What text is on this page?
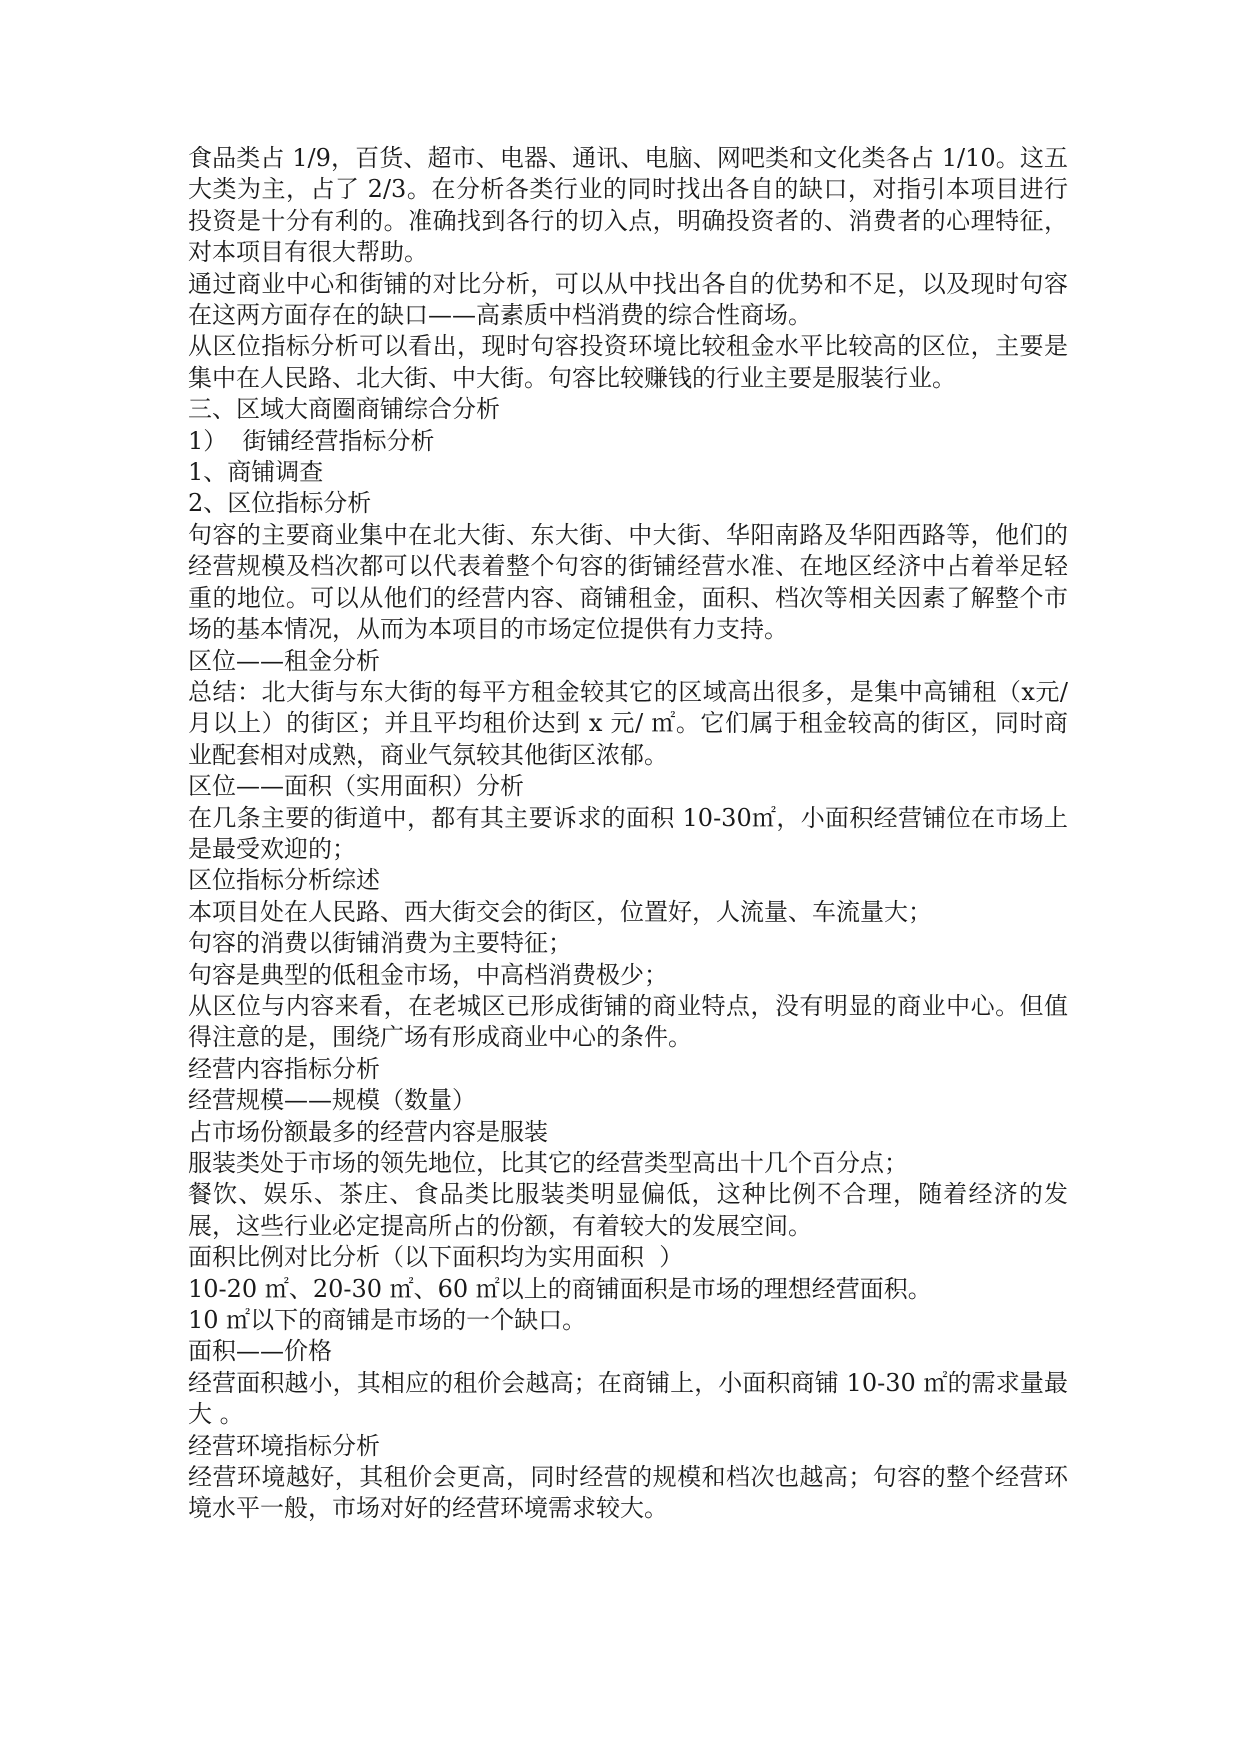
食品类占 1/9，百货、超市、电器、通讯、电脑、网吧类和文化类各占 1/10。这五大类为主，占了 2/3。在分析各类行业的同时找出各自的缺口，对指引本项目进行投资是十分有利的。准确找到各行的切入点，明确投资者的、消费者的心理特征，对本项目有很大帮助。

通过商业中心和街铺的对比分析，可以从中找出各自的优势和不足，以及现时句容在这两方面存在的缺口——高素质中档消费的综合性商场。

从区位指标分析可以看出，现时句容投资环境比较租金水平比较高的区位，主要是集中在人民路、北大街、中大街。句容比较赚钱的行业主要是服装行业。

三、区域大商圈商铺综合分析

1）  街铺经营指标分析

1、商铺调查

2、区位指标分析

句容的主要商业集中在北大街、东大街、中大街、华阳南路及华阳西路等，他们的经营规模及档次都可以代表着整个句容的街铺经营水准、在地区经济中占着举足轻重的地位。可以从他们的经营内容、商铺租金，面积、档次等相关因素了解整个市场的基本情况，从而为本项目的市场定位提供有力支持。

区位——租金分析

总结：北大街与东大街的每平方租金较其它的区域高出很多，是集中高铺租（x元/月以上）的街区；并且平均租价达到 x 元/ ㎡。它们属于租金较高的街区，同时商业配套相对成熟，商业气氛较其他街区浓郁。

区位——面积（实用面积）分析

在几条主要的街道中，都有其主要诉求的面积 10-30㎡，小面积经营铺位在市场上是最受欢迎的；

区位指标分析综述

本项目处在人民路、西大街交会的街区，位置好，人流量、车流量大；

句容的消费以街铺消费为主要特征；

句容是典型的低租金市场，中高档消费极少；

从区位与内容来看，在老城区已形成街铺的商业特点，没有明显的商业中心。但值得注意的是，围绕广场有形成商业中心的条件。

经营内容指标分析

经营规模——规模（数量）

占市场份额最多的经营内容是服装

服装类处于市场的领先地位，比其它的经营类型高出十几个百分点；

餐饮、娱乐、茶庄、食品类比服装类明显偏低，这种比例不合理，随着经济的发展，这些行业必定提高所占的份额，有着较大的发展空间。

面积比例对比分析（以下面积均为实用面积  ）

10-20 ㎡、20-30 ㎡、60 ㎡以上的商铺面积是市场的理想经营面积。

10 ㎡以下的商铺是市场的一个缺口。

面积——价格

经营面积越小，其相应的租价会越高；在商铺上，小面积商铺 10-30 ㎡的需求量最大 。

经营环境指标分析

经营环境越好，其租价会更高，同时经营的规模和档次也越高；句容的整个经营环境水平一般，市场对好的经营环境需求较大。
